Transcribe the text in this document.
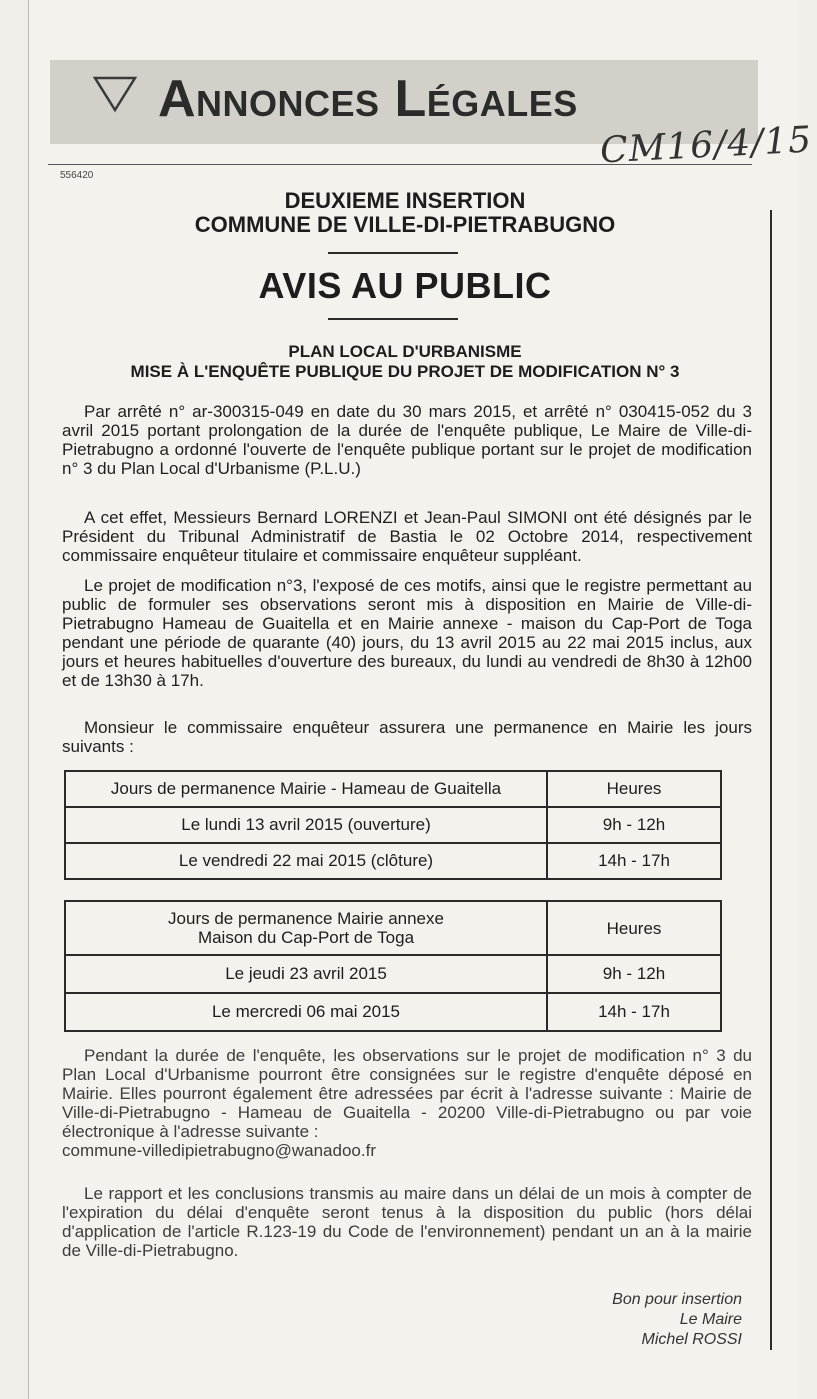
Annonces Légales
CM16/4/15
556420
DEUXIEME INSERTION
COMMUNE DE VILLE-DI-PIETRABUGNO
AVIS AU PUBLIC
PLAN LOCAL D'URBANISME
MISE À L'ENQUÊTE PUBLIQUE DU PROJET DE MODIFICATION N° 3
Par arrêté n° ar-300315-049 en date du 30 mars 2015, et arrêté n° 030415-052 du 3 avril 2015 portant prolongation de la durée de l'enquête publique, Le Maire de Ville-di-Pietrabugno a ordonné l'ouverte de l'enquête publique portant sur le projet de modification n° 3 du Plan Local d'Urbanisme (P.L.U.)
A cet effet, Messieurs Bernard LORENZI et Jean-Paul SIMONI ont été désignés par le Président du Tribunal Administratif de Bastia le 02 Octobre 2014, respectivement commissaire enquêteur titulaire et commissaire enquêteur suppléant.
Le projet de modification n°3, l'exposé de ces motifs, ainsi que le registre permettant au public de formuler ses observations seront mis à disposition en Mairie de Ville-di-Pietrabugno Hameau de Guaitella et en Mairie annexe - maison du Cap-Port de Toga pendant une période de quarante (40) jours, du 13 avril 2015 au 22 mai 2015 inclus, aux jours et heures habituelles d'ouverture des bureaux, du lundi au vendredi de 8h30 à 12h00 et de 13h30 à 17h.
Monsieur le commissaire enquêteur assurera une permanence en Mairie les jours suivants :
Jours de permanence Mairie - Hameau de Guaitella	Heures
Le lundi 13 avril 2015 (ouverture)	9h - 12h
Le vendredi 22 mai 2015 (clôture)	14h - 17h
Jours de permanence Mairie annexe
Maison du Cap-Port de Toga	Heures
Le jeudi 23 avril 2015	9h - 12h
Le mercredi 06 mai 2015	14h - 17h
Pendant la durée de l'enquête, les observations sur le projet de modification n° 3 du Plan Local d'Urbanisme pourront être consignées sur le registre d'enquête déposé en Mairie. Elles pourront également être adressées par écrit à l'adresse suivante : Mairie de Ville-di-Pietrabugno - Hameau de Guaitella - 20200 Ville-di-Pietrabugno ou par voie électronique à l'adresse suivante :
commune-villedipietrabugno@wanadoo.fr
Le rapport et les conclusions transmis au maire dans un délai de un mois à compter de l'expiration du délai d'enquête seront tenus à la disposition du public (hors délai d'application de l'article R.123-19 du Code de l'environnement) pendant un an à la mairie de Ville-di-Pietrabugno.
Bon pour insertion
Le Maire
Michel ROSSI
